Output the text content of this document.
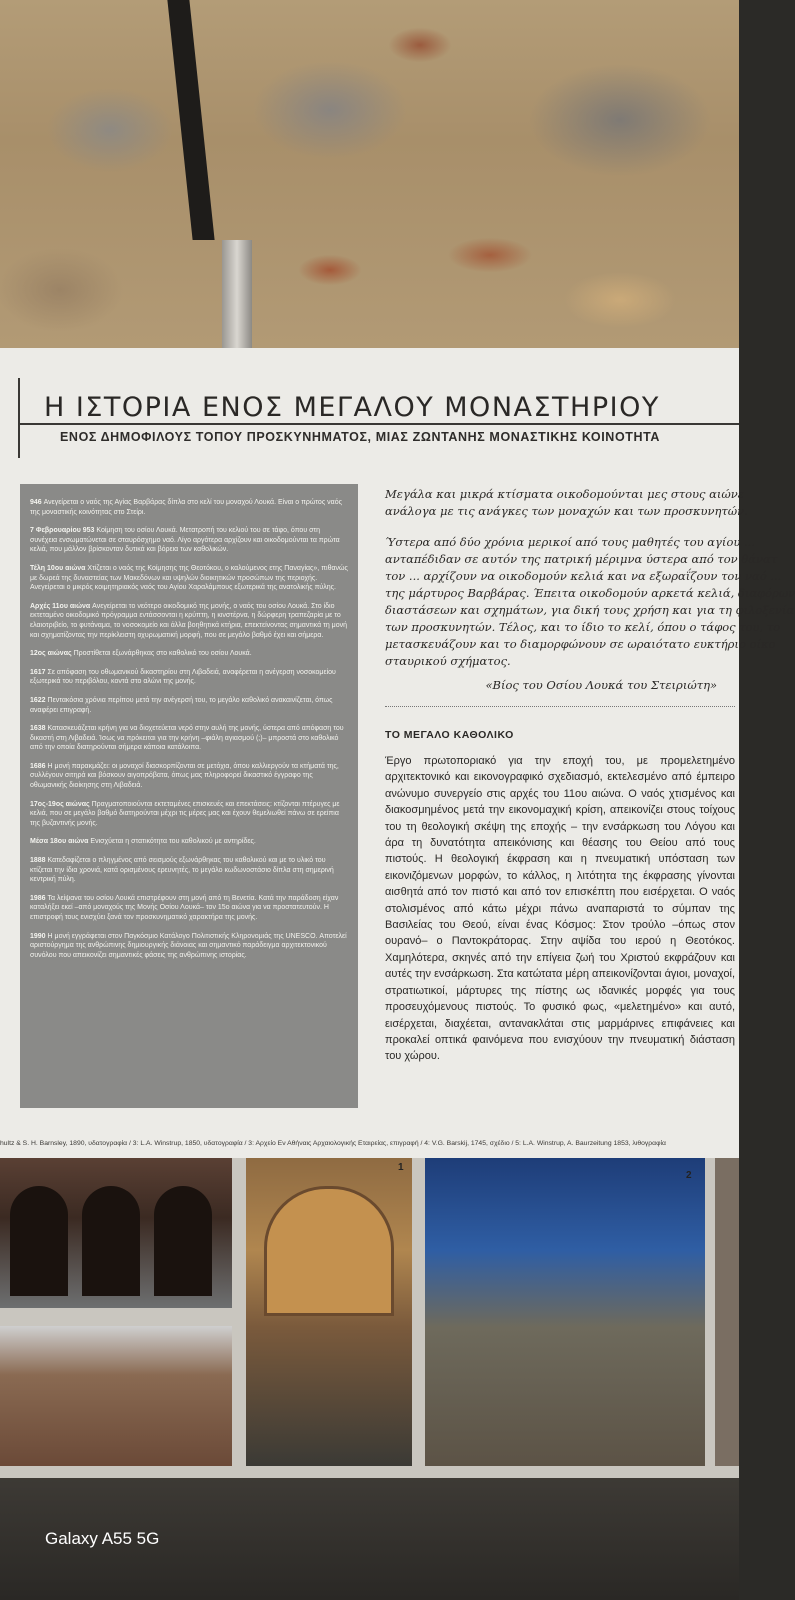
Η ΙΣΤΟΡΙΑ ΕΝΟΣ ΜΕΓΑΛΟΥ ΜΟΝΑΣΤΗΡΙΟΥ
ΕΝΟΣ ΔΗΜΟΦΙΛΟΥΣ ΤΟΠΟΥ ΠΡΟΣΚΥΝΗΜΑΤΟΣ, ΜΙΑΣ ΖΩΝΤΑΝΗΣ ΜΟΝΑΣΤΙΚΗΣ ΚΟΙΝΟΤΗΤΑ
946 Ανεγείρεται ο ναός της Αγίας Βαρβάρας δίπλα στο κελί του μοναχού Λουκά. Είναι ο πρώτος ναός της μοναστικής κοινότητας στο Στείρι.
7 Φεβρουαρίου 953 Κοίμηση του οσίου Λουκά. Μετατροπή του κελιού του σε τάφο, όπου στη συνέχεια ενσωματώνεται σε σταυρόσχημο ναό. Λίγο αργότερα αρχίζουν και οικοδομούνται τα πρώτα κελιά, που μάλλον βρίσκονταν δυτικά και βόρεια των καθολικών.
Τέλη 10ου αιώνα Χτίζεται ο ναός της Κοίμησης της Θεοτόκου, ο καλούμενος ετης Παναγίας», πιθανώς με δωρεά της δυναστείας των Μακεδόνων και υψηλών διοικητικών προσώπων της περιοχής. Ανεγείρεται ο μικρός κοιμητηριακός ναός του Αγίου Χαραλάμπους εξωτερικά της ανατολικής πύλης.
Αρχές 11ου αιώνα Ανεγείρεται το νεότερο οικοδομικό της μονής, ο ναός του οσίου Λουκά. Στο ίδιο εκτεταμένο οικοδομικό πρόγραμμα εντάσσονται η κρύπτη, η κινστέρνα, η δώρφερη τραπεζαρία με το ελαιοτριβείο, το φυτάναμα, το νοσοκομείο και άλλα βοηθητικά κτήρια, επεκτείνοντας σημαντικά τη μονή και σχηματίζοντας την περίκλειστη οχυρωματική μορφή, που σε μεγάλο βαθμό έχει και σήμερα.
12ος αιώνας Προστίθεται εξωνάρθηκας στο καθολικό του οσίου Λουκά.
1617 Σε απόφαση του οθωμανικού δικαστηρίου στη Λιβαδειά, αναφέρεται η ανέγερση νοσοκομείου εξωτερικά του περιβόλου, κοντά στο αλώνι της μονής.
1622 Πεντακόσια χρόνια περίπου μετά την ανέγερσή του, το μεγάλο καθολικό ανακαινίζεται, όπως αναφέρει επιγραφή.
1638 Κατασκευάζεται κρήνη για να διοχετεύεται νερό στην αυλή της μονής, ύστερα από απόφαση του δικαστή στη Λιβαδειά. Ίσως να πρόκειται για την κρήνη –φιάλη αγιασμού (;)– μπροστά στο καθολικό από την οποία διατηρούνται σήμερα κάποια κατάλοιπα.
1686 Η μονή παρακμάζει: οι μοναχοί διασκορπίζονται σε μετόχια, όπου καλλιεργούν τα κτήματά της, συλλέγουν σιτηρά και βόσκουν αιγοπρόβατα, όπως μας πληροφορεί δικαστικό έγγραφο της οθωμανικής διοίκησης στη Λιβαδειά.
17ος-19ος αιώνας Πραγματοποιούνται εκτεταμένες επισκευές και επεκτάσεις: κτίζονται πτέρυγες με κελιά, που σε μεγάλο βαθμό διατηρούνται μέχρι τις μέρες μας και έχουν θεμελιωθεί πάνω σε ερείπια της βυζαντινής μονής.
Μέσα 18ου αιώνα Ενισχύεται η στατικότητα του καθολικού με αντηρίδες.
1888 Κατεδαφίζεται ο πληγμένος από σεισμούς εξωνάρθηκας του καθολικού και με το υλικό του κτίζεται την ίδια χρονιά, κατά ορισμένους ερευνητές, το μεγάλο κωδωνοστάσιο δίπλα στη σημερινή κεντρική πύλη.
1986 Τα λείψανα του οσίου Λουκά επιστρέφουν στη μονή από τη Βενετία. Κατά την παράδοση είχαν καταλήξει εκεί –από μοναχούς της Μονής Οσίου Λουκά– τον 15ο αιώνα για να προστατευτούν. Η επιστροφή τους ενισχύει ξανά τον προσκυνηματικό χαρακτήρα της μονής.
1990 Η μονή εγγράφεται στον Παγκόσμιο Κατάλογο Πολιτιστικής Κληρονομιάς της UNESCO. Αποτελεί αριστούργημα της ανθρώπινης δημιουργικής διάνοιας και σημαντικό παράδειγμα αρχιτεκτονικού συνόλου που απεικονίζει σημαντικές φάσεις της ανθρώπινης ιστορίας.
Μεγάλα και μικρά κτίσματα οικοδομούνται μες στους αιώνε
ανάλογα με τις ανάγκες των μοναχών και των προσκυνητών.
Ύστερα από δύο χρόνια μερικοί από τους μαθητές του αγίου ...
ανταπέδιδαν σε αυτόν της πατρική μέριμνα ύστερα από τον θάνατ
τον ... αρχίζουν να οικοδομούν κελιά και να εξωραΐζουν τον ναό ...
της μάρτυρος Βαρβάρας. Έπειτα οικοδομούν αρκετά κελιά, διαφόρων
διαστάσεων και σχημάτων, για δική τους χρήση και για τη φιλοξενία
των προσκυνητών. Τέλος, και το ίδιο το κελί, όπου ο τάφος του, το
μετασκευάζουν και το διαμορφώνουν σε ωραιότατο ευκτήριο οίκο
σταυρικού σχήματος.
«Βίος του Οσίου Λουκά του Στειριώτη»
ΤΟ ΜΕΓΑΛΟ ΚΑΘΟΛΙΚΟ
Έργο πρωτοποριακό για την εποχή του, με προμελετημένο αρχιτεκτονικό και εικονογραφικό σχεδιασμό, εκτελεσμένο από έμπειρο ανώνυμο συνεργείο στις αρχές του 11ου αιώνα. Ο ναός χτισμένος και διακοσμημένος μετά την εικονομαχική κρίση, απεικονίζει στους τοίχους του τη θεολογική σκέψη της εποχής – την ενσάρκωση του Λόγου και άρα τη δυνατότητα απεικόνισης και θέασης του Θείου από τους πιστούς. Η θεολογική έκφραση και η πνευματική υπόσταση των εικονιζόμενων μορφών, το κάλλος, η λιτότητα της έκφρασης γίνονται αισθητά από τον πιστό και από τον επισκέπτη που εισέρχεται. Ο ναός στολισμένος από κάτω μέχρι πάνω αναπαριστά το σύμπαν της Βασιλείας του Θεού, είναι ένας Κόσμος: Στον τρούλο –όπως στον ουρανό– ο Παντοκράτορας. Στην αψίδα του ιερού η Θεοτόκος. Χαμηλότερα, σκηνές από την επίγεια ζωή του Χριστού εκφράζουν και αυτές την ενσάρκωση. Στα κατώτατα μέρη απεικονίζονται άγιοι, μοναχοί, στρατιωτικοί, μάρτυρες της πίστης ως ιδανικές μορφές για τους προσευχόμενους πιστούς. Το φυσικό φως, «μελετημένο» και αυτό, εισέρχεται, διαχέεται, αντανακλάται στις μαρμάρινες επιφάνειες και προκαλεί οπτικά φαινόμενα που ενισχύουν την πνευματική διάσταση του χώρου.
hultz & S. H. Barnsley, 1890, υδατογραφία / 3: L.A. Winstrup, 1850, υδατογραφία / 3: Αρχείο Εν Αθήναις Αρχαιολογικής Εταιρείας, επιγραφή / 4: V.G. Barskij, 1745, σχέδιο / 5: L.A. Winstrup, A. Baurzeitung 1853, λιθογραφία
1
2
Galaxy A55 5G
